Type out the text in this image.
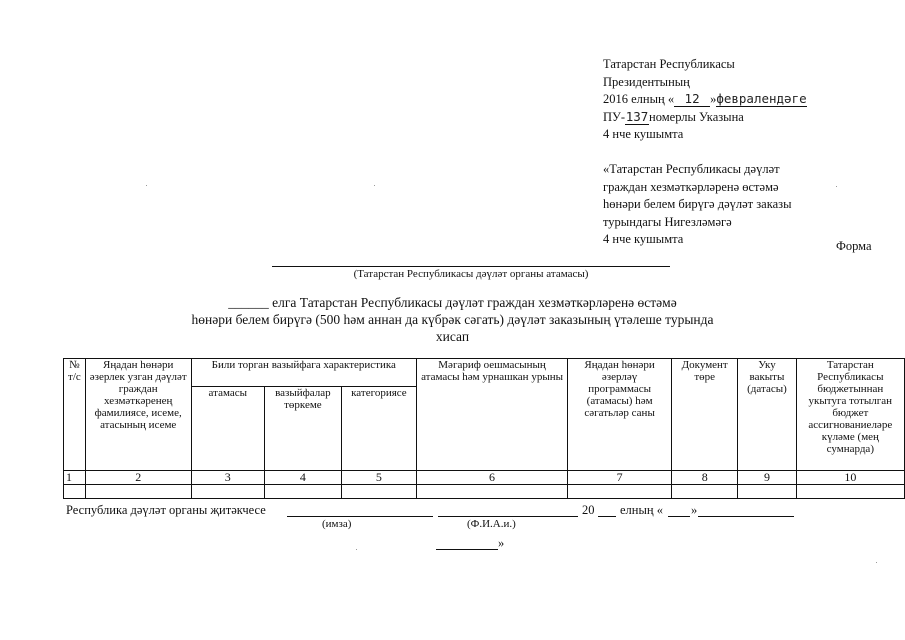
Татарстан Республикасы
Президентының
2016 елның « 12 »февралендәге
ПУ-137номерлы Указына
4 нче кушымта
«Татарстан Республикасы дәүләт
граждан хезмәткәрләренә өстәмә
һөнәри белем бирүгә дәүләт заказы
турындагы Нигезләмәгә
4 нче кушымта	Форма
(Татарстан Республикасы дәүләт органы атамасы)
______ елга Татарстан Республикасы дәүләт граждан хезмәткәрләренә өстәмә
һөнәри белем бирүгә (500 һәм аннан да күбрәк сәгать) дәүләт заказының үтәлеше турында
хисап
№ т/с	Яңадан һөнәри әзерлек узган дәүләт граждан хезмәткәренең фамилиясе, исеме, атасының исеме	Били торган вазыйфага характеристика			Мәгариф оешмасының атамасы һәм урнашкан урыны	Яңадан һөнәри әзерләү программасы (атамасы) һәм сәгатьләр саны	Документ төре	Уку вакыты (датасы)	Татарстан Республикасы бюджетыннан укытуга тотылган бюджет ассигнованиеләре күләме (мең сумнарда)
		атамасы	вазыйфалар төркеме	категориясе					
1	2	3	4	5	6	7	8	9	10

Республика дәүләт органы җитәкчесе	20 елның « »
(имза)	(Ф.И.А.и.)
»
